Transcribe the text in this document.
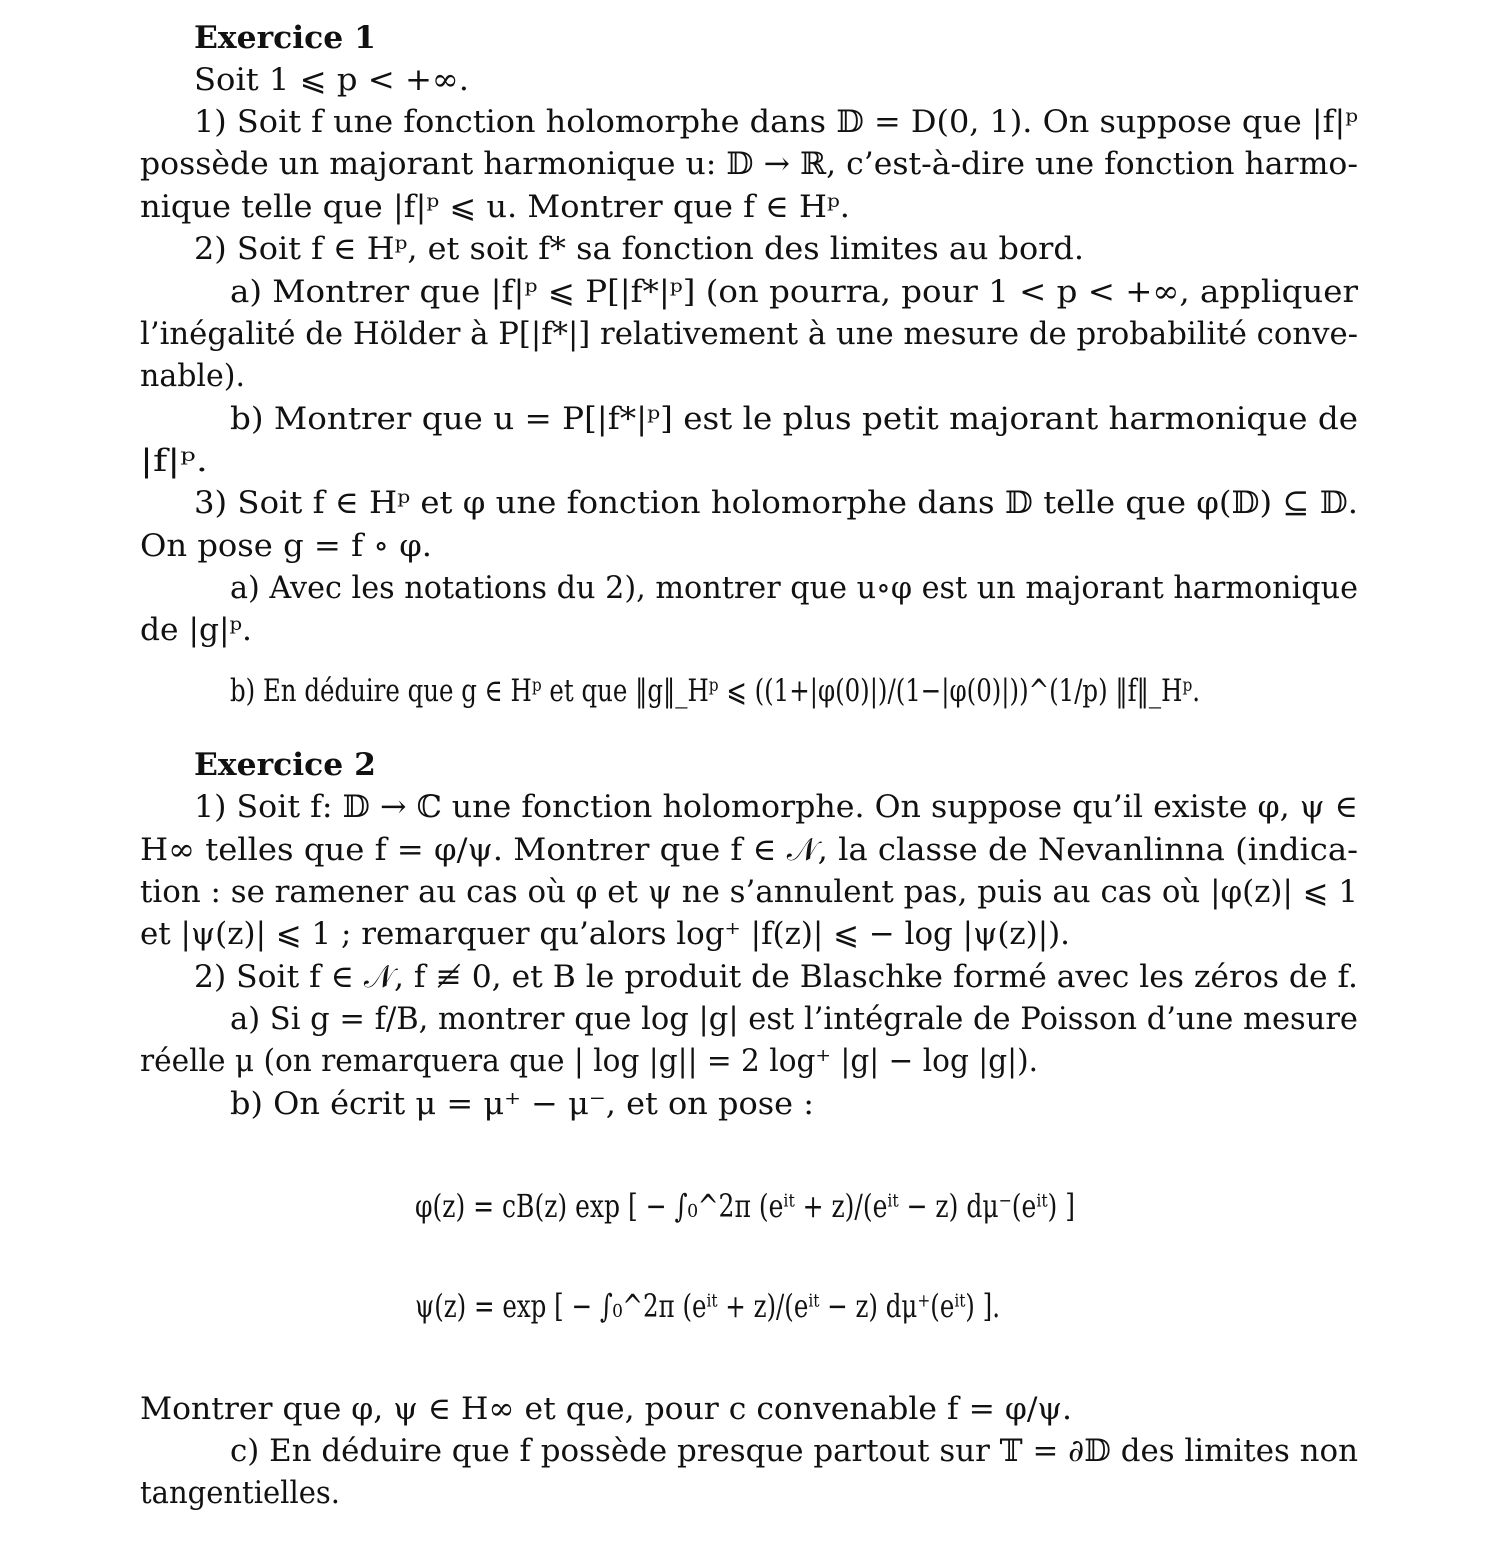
Exercice 1
Soit 1 ⩽ p < +∞.
1) Soit f une fonction holomorphe dans 𝔻 = D(0, 1). On suppose que |f|ᵖ
possède un majorant harmonique u: 𝔻 → ℝ, c’est-à-dire une fonction harmo-
nique telle que |f|ᵖ ⩽ u. Montrer que f ∈ Hᵖ.
2) Soit f ∈ Hᵖ, et soit f* sa fonction des limites au bord.
a) Montrer que |f|ᵖ ⩽ P[|f*|ᵖ] (on pourra, pour 1 < p < +∞, appliquer
l’inégalité de Hölder à P[|f*|] relativement à une mesure de probabilité conve-
nable).
b) Montrer que u = P[|f*|ᵖ] est le plus petit majorant harmonique de
|f|ᵖ.
3) Soit f ∈ Hᵖ et φ une fonction holomorphe dans 𝔻 telle que φ(𝔻) ⊆ 𝔻.
On pose g = f ∘ φ.
a) Avec les notations du 2), montrer que u∘φ est un majorant harmonique
de |g|ᵖ.
b) En déduire que g ∈ Hᵖ et que ‖g‖_Hᵖ ⩽ ((1+|φ(0)|)/(1−|φ(0)|))^(1/p) ‖f‖_Hᵖ.
Exercice 2
1) Soit f: 𝔻 → ℂ une fonction holomorphe. On suppose qu’il existe φ, ψ ∈
H∞ telles que f = φ/ψ. Montrer que f ∈ 𝒩, la classe de Nevanlinna (indica-
tion : se ramener au cas où φ et ψ ne s’annulent pas, puis au cas où |φ(z)| ⩽ 1
et |ψ(z)| ⩽ 1 ; remarquer qu’alors log⁺ |f(z)| ⩽ − log |ψ(z)|).
2) Soit f ∈ 𝒩, f ≢ 0, et B le produit de Blaschke formé avec les zéros de f.
a) Si g = f/B, montrer que log |g| est l’intégrale de Poisson d’une mesure
réelle μ (on remarquera que | log |g|| = 2 log⁺ |g| − log |g|).
b) On écrit μ = μ⁺ − μ⁻, et on pose :
φ(z) = cB(z) exp [ − ∫₀^2π (eⁱᵗ + z)/(eⁱᵗ − z) dμ⁻(eⁱᵗ) ]
ψ(z) = exp [ − ∫₀^2π (eⁱᵗ + z)/(eⁱᵗ − z) dμ⁺(eⁱᵗ) ].
Montrer que φ, ψ ∈ H∞ et que, pour c convenable f = φ/ψ.
c) En déduire que f possède presque partout sur 𝕋 = ∂𝔻 des limites non
tangentielles.
